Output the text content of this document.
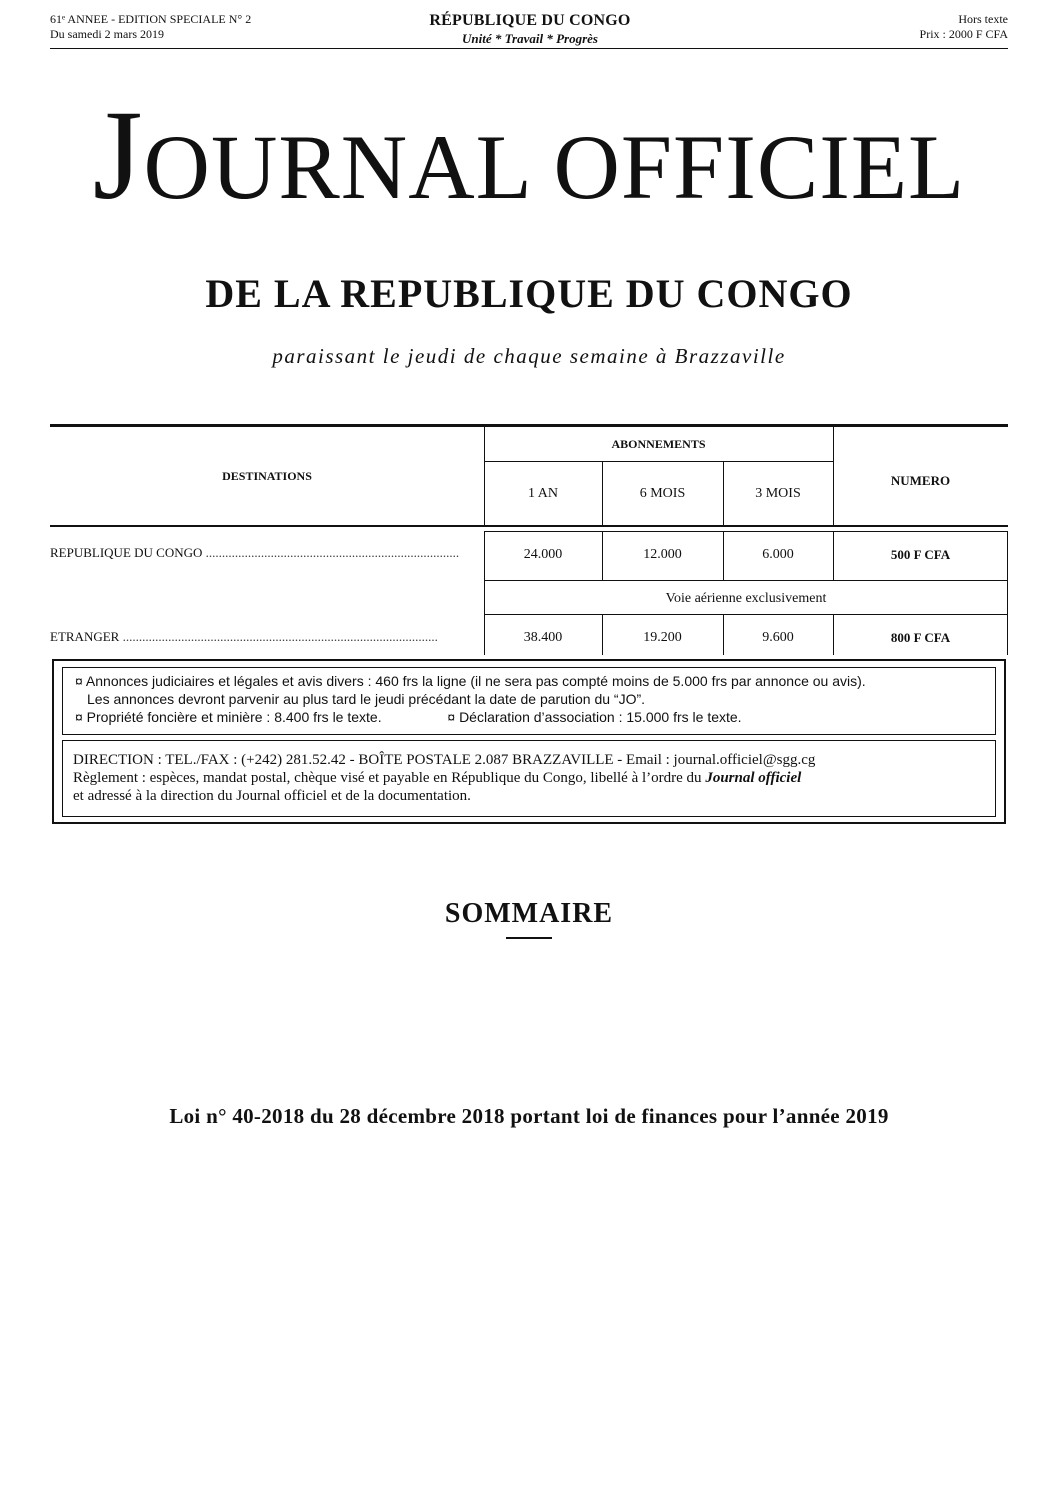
61ᵉ ANNEE - EDITION SPECIALE N° 2
Du samedi 2 mars 2019
RÉPUBLIQUE DU CONGO
Unité * Travail * Progrès
Hors texte
Prix : 2000 F CFA
JOURNAL OFFICIEL
DE LA REPUBLIQUE DU CONGO
paraissant le jeudi de chaque semaine à Brazzaville
DESTINATIONS
ABONNEMENTS
NUMERO
1 AN	6 MOIS	3 MOIS
REPUBLIQUE DU CONGO ..............................................................................	24.000	12.000	6.000	500 F CFA
Voie aérienne exclusivement
ETRANGER .................................................................................................	38.400	19.200	9.600	800 F CFA
¤ Annonces judiciaires et légales et avis divers : 460 frs la ligne (il ne sera pas compté moins de 5.000 frs par annonce ou avis).
Les annonces devront parvenir au plus tard le jeudi précédant la date de parution du “JO”.
¤ Propriété foncière et minière : 8.400 frs le texte.	¤ Déclaration d’association : 15.000 frs le texte.
DIRECTION : TEL./FAX : (+242) 281.52.42 - BOÎTE POSTALE 2.087 BRAZZAVILLE - Email : journal.officiel@sgg.cg
Règlement : espèces, mandat postal, chèque visé et payable en République du Congo, libellé à l’ordre du Journal officiel
et adressé à la direction du Journal officiel et de la documentation.
SOMMAIRE
Loi n° 40-2018 du 28 décembre 2018 portant loi de finances pour l’année 2019
